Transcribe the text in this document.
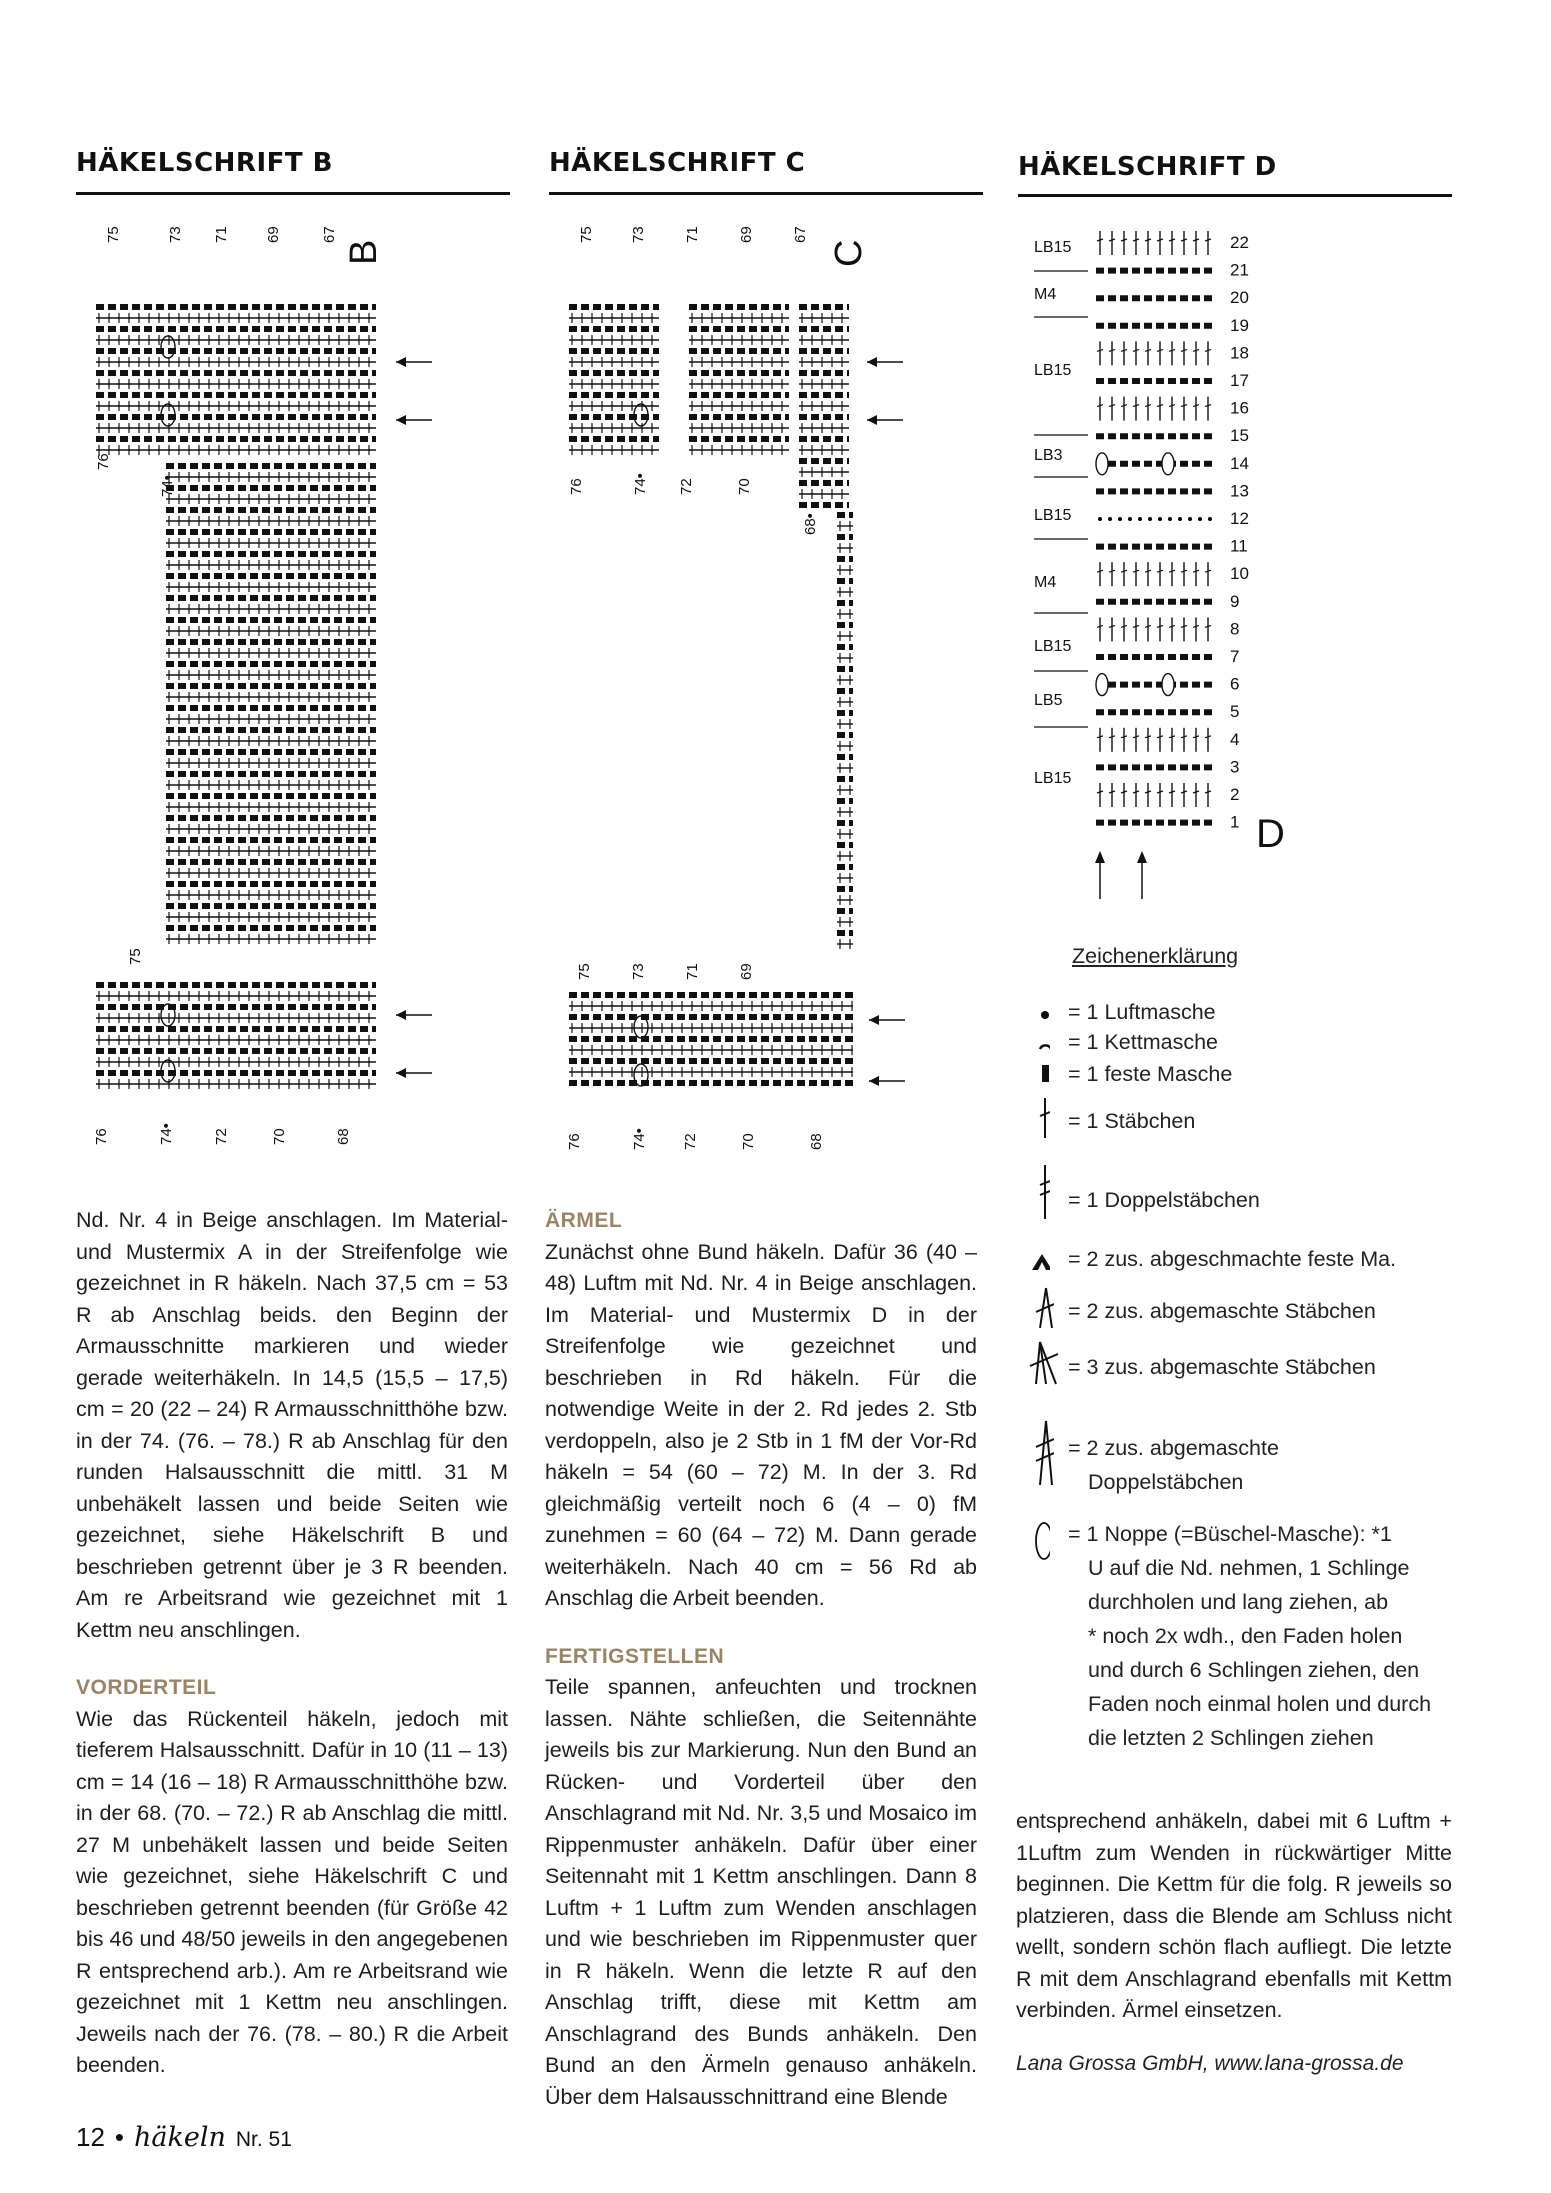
HÄKELSCHRIFT B	HÄKELSCHRIFT C	HÄKELSCHRIFT D
B
75	73 71 69	67
76
74•
75
76	74•	72	70	68
C
75 73 71 69 67
76	74• 72	70
68•
75 73 71 69
76	74• 72	70	68
22
21
20
19
18
17
16
15
14
13
12
11
10
9
8
7
6
5
4
3
2
1
LB15
M4
LB15
LB3
LB15
M4
LB15
LB5
LB15
D
Zeichenerklärung
= 1 Luftmasche
= 1 Kettmasche
= 1 feste Masche
= 1 Stäbchen
= 1 Doppelstäbchen
= 2 zus. abgeschmachte feste Ma.
= 2 zus. abgemaschte Stäbchen
= 3 zus. abgemaschte Stäbchen
= 2 zus. abgemaschte
Doppelstäbchen
= 1 Noppe (=Büschel-Masche): *1
U auf die Nd. nehmen, 1 Schlinge
durchholen und lang ziehen, ab
* noch 2x wdh., den Faden holen
und durch 6 Schlingen ziehen, den
Faden noch einmal holen und durch
die letzten 2 Schlingen ziehen

Nd. Nr. 4 in Beige anschlagen. Im Material- und Mustermix A in der Streifenfolge wie gezeichnet in R häkeln. Nach 37,5 cm = 53 R ab Anschlag beids. den Beginn der Armausschnitte markieren und wieder gerade weiterhäkeln. In 14,5 (15,5 – 17,5) cm = 20 (22 – 24) R Armausschnitthöhe bzw. in der 74. (76. – 78.) R ab Anschlag für den runden Halsausschnitt die mittl. 31 M unbehäkelt lassen und beide Seiten wie gezeichnet, siehe Häkelschrift B und beschrieben getrennt über je 3 R beenden. Am re Arbeitsrand wie gezeichnet mit 1 Kettm neu anschlingen.

VORDERTEIL

Wie das Rückenteil häkeln, jedoch mit tieferem Halsausschnitt. Dafür in 10 (11 – 13) cm = 14 (16 – 18) R Armausschnitthöhe bzw. in der 68. (70. – 72.) R ab Anschlag die mittl. 27 M unbehäkelt lassen und beide Seiten wie gezeichnet, siehe Häkelschrift C und beschrieben getrennt beenden (für Größe 42 bis 46 und 48/50 jeweils in den angegebenen R entsprechend arb.). Am re Arbeitsrand wie gezeichnet mit 1 Kettm neu anschlingen. Jeweils nach der 76. (78. – 80.) R die Arbeit beenden.

ÄRMEL

Zunächst ohne Bund häkeln. Dafür 36 (40 – 48) Luftm mit Nd. Nr. 4 in Beige anschlagen. Im Material- und Mustermix D in der Streifenfolge wie gezeichnet und beschrieben in Rd häkeln. Für die notwendige Weite in der 2. Rd jedes 2. Stb verdoppeln, also je 2 Stb in 1 fM der Vor-Rd häkeln = 54 (60 – 72) M. In der 3. Rd gleichmäßig verteilt noch 6 (4 – 0) fM zunehmen = 60 (64 – 72) M. Dann gerade weiterhäkeln. Nach 40 cm = 56 Rd ab Anschlag die Arbeit beenden.

FERTIGSTELLEN

Teile spannen, anfeuchten und trocknen lassen. Nähte schließen, die Seitennähte jeweils bis zur Markierung. Nun den Bund an Rücken- und Vorderteil über den Anschlagrand mit Nd. Nr. 3,5 und Mosaico im Rippenmuster anhäkeln. Dafür über einer Seitennaht mit 1 Kettm anschlingen. Dann 8 Luftm + 1 Luftm zum Wenden anschlagen und wie beschrieben im Rippenmuster quer in R häkeln. Wenn die letzte R auf den Anschlag trifft, diese mit Kettm am Anschlagrand des Bunds anhäkeln. Den Bund an den Ärmeln genauso anhäkeln. Über dem Halsausschnittrand eine Blende

entsprechend anhäkeln, dabei mit 6 Luftm + 1Luftm zum Wenden in rückwärtiger Mitte beginnen. Die Kettm für die folg. R jeweils so platzieren, dass die Blende am Schluss nicht wellt, sondern schön flach aufliegt. Die letzte R mit dem Anschlagrand ebenfalls mit Kettm verbinden. Ärmel einsetzen.

Lana Grossa GmbH, www.lana-grossa.de
12 • häkeln Nr. 51
